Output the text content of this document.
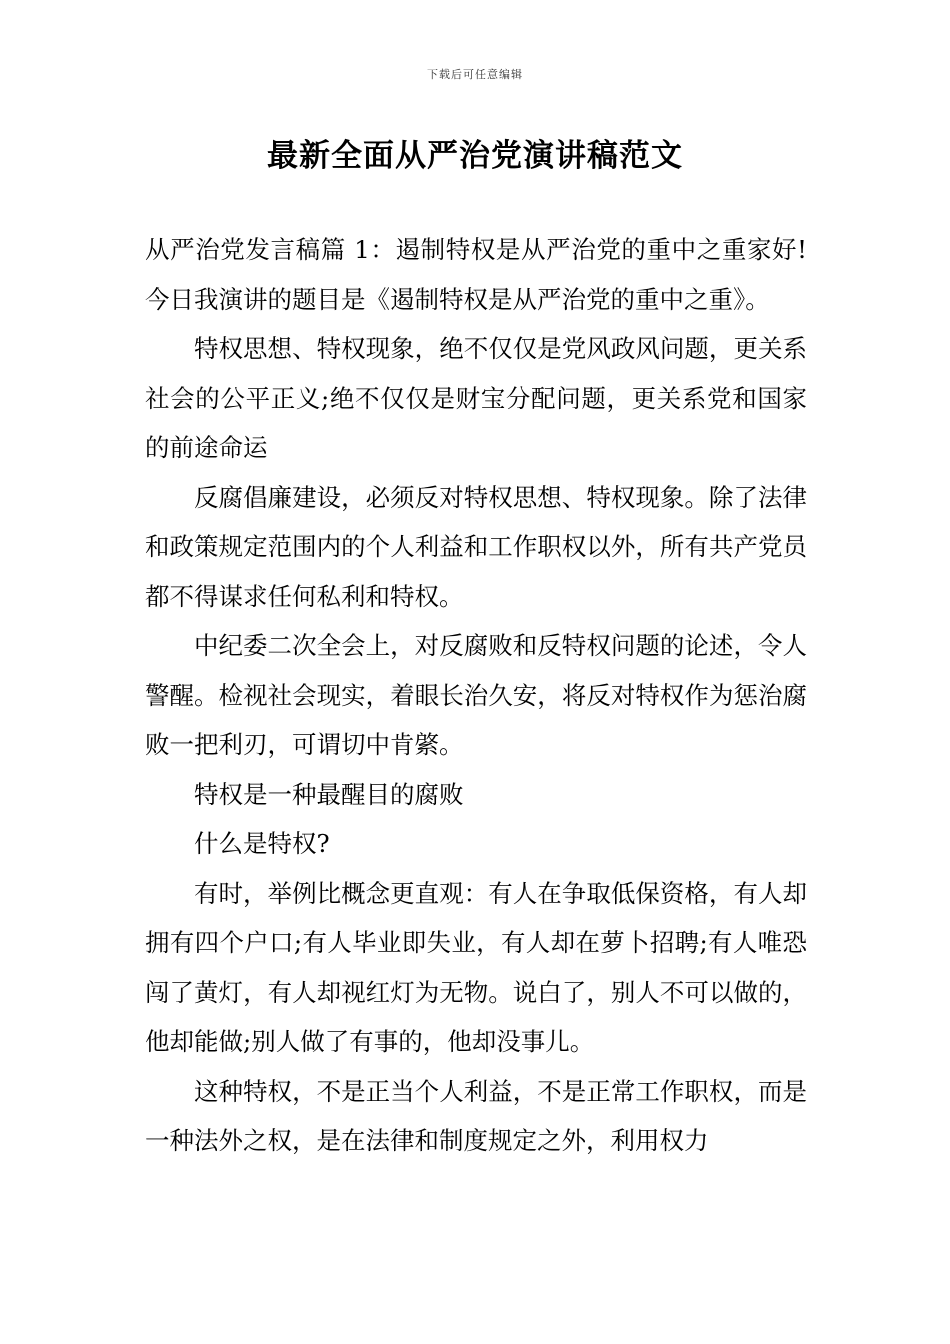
下载后可任意编辑
最新全面从严治党演讲稿范文

从严治党发言稿篇 1：遏制特权是从严治党的重中之重家好!今日我演讲的题目是《遏制特权是从严治党的重中之重》。

特权思想、特权现象，绝不仅仅是党风政风问题，更关系社会的公平正义;绝不仅仅是财宝分配问题，更关系党和国家的前途命运

反腐倡廉建设，必须反对特权思想、特权现象。除了法律和政策规定范围内的个人利益和工作职权以外，所有共产党员都不得谋求任何私利和特权。

中纪委二次全会上，对反腐败和反特权问题的论述，令人警醒。检视社会现实，着眼长治久安，将反对特权作为惩治腐败一把利刃，可谓切中肯綮。

特权是一种最醒目的腐败

什么是特权?

有时，举例比概念更直观：有人在争取低保资格，有人却拥有四个户口;有人毕业即失业，有人却在萝卜招聘;有人唯恐闯了黄灯，有人却视红灯为无物。说白了，别人不可以做的，他却能做;别人做了有事的，他却没事儿。

这种特权，不是正当个人利益，不是正常工作职权，而是一种法外之权，是在法律和制度规定之外，利用权力
